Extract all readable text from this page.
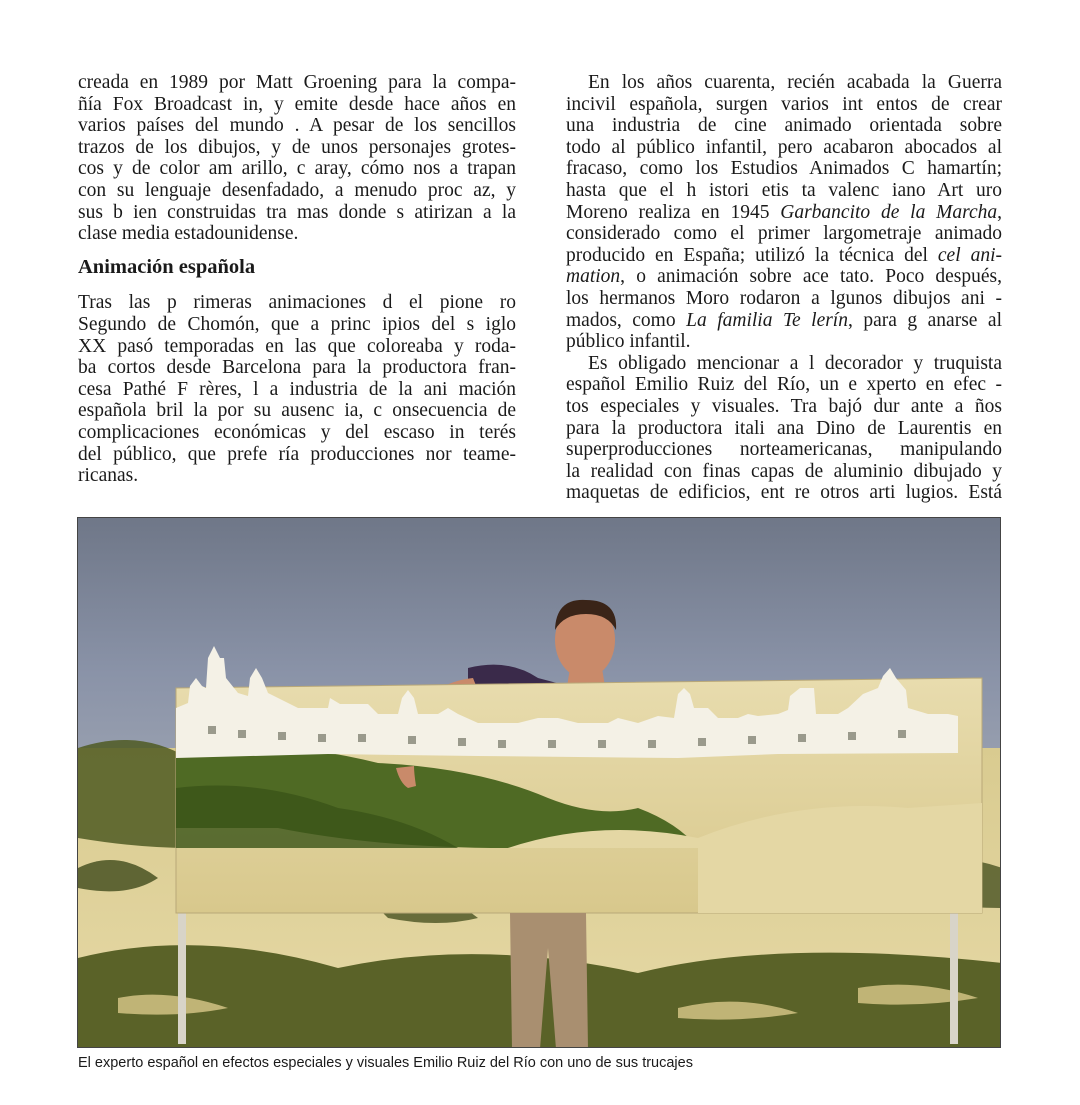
creada en 1989 por Matt Groening para la compa-
ñía Fox Broadcast in, y emite desde hace años en
varios países del mundo . A pesar de los sencillos
trazos de los dibujos, y de unos personajes grotes-
cos y de color am arillo, c aray, cómo nos a trapan
con su lenguaje desenfadado, a menudo proc az, y
sus b ien construidas tra mas donde s atirizan a la
clase media estadounidense.
Animación española
Tras las p rimeras animaciones d el pione ro
Segundo de Chomón, que a princ ipios del s iglo
XX pasó temporadas en las que coloreaba y roda-
ba cortos desde Barcelona para la productora fran-
cesa Pathé F rères, l a industria de la ani mación
española bril la por su ausenc ia, c onsecuencia de
complicaciones económicas y del escaso in terés
del público, que prefe ría producciones nor teame-
ricanas.
En los años cuarenta, recién acabada la Guerra
incivil española, surgen varios int entos de crear
una industria de cine animado orientada sobre
todo al público infantil, pero acabaron abocados al
fracaso, como los Estudios Animados C hamartín;
hasta que el h istori etis ta valenc iano Art uro
Moreno realiza en 1945 Garbancito de la Marcha,
considerado como el primer largometraje animado
producido en España; utilizó la técnica del cel ani-
mation, o animación sobre ace tato. Poco después,
los hermanos Moro rodaron a lgunos dibujos ani -
mados, como La familia Te lerín, para g anarse al
público infantil.
Es obligado mencionar a l decorador y truquista
español Emilio Ruiz del Río, un e xperto en efec -
tos especiales y visuales. Tra bajó dur ante a ños
para la productora itali ana Dino de Laurentis en
superproducciones norteamericanas, manipulando
la realidad con finas capas de aluminio dibujado y
maquetas de edificios, ent re otros arti lugios. Está
El experto español en efectos especiales y visuales Emilio Ruiz del Río con uno de sus trucajes
